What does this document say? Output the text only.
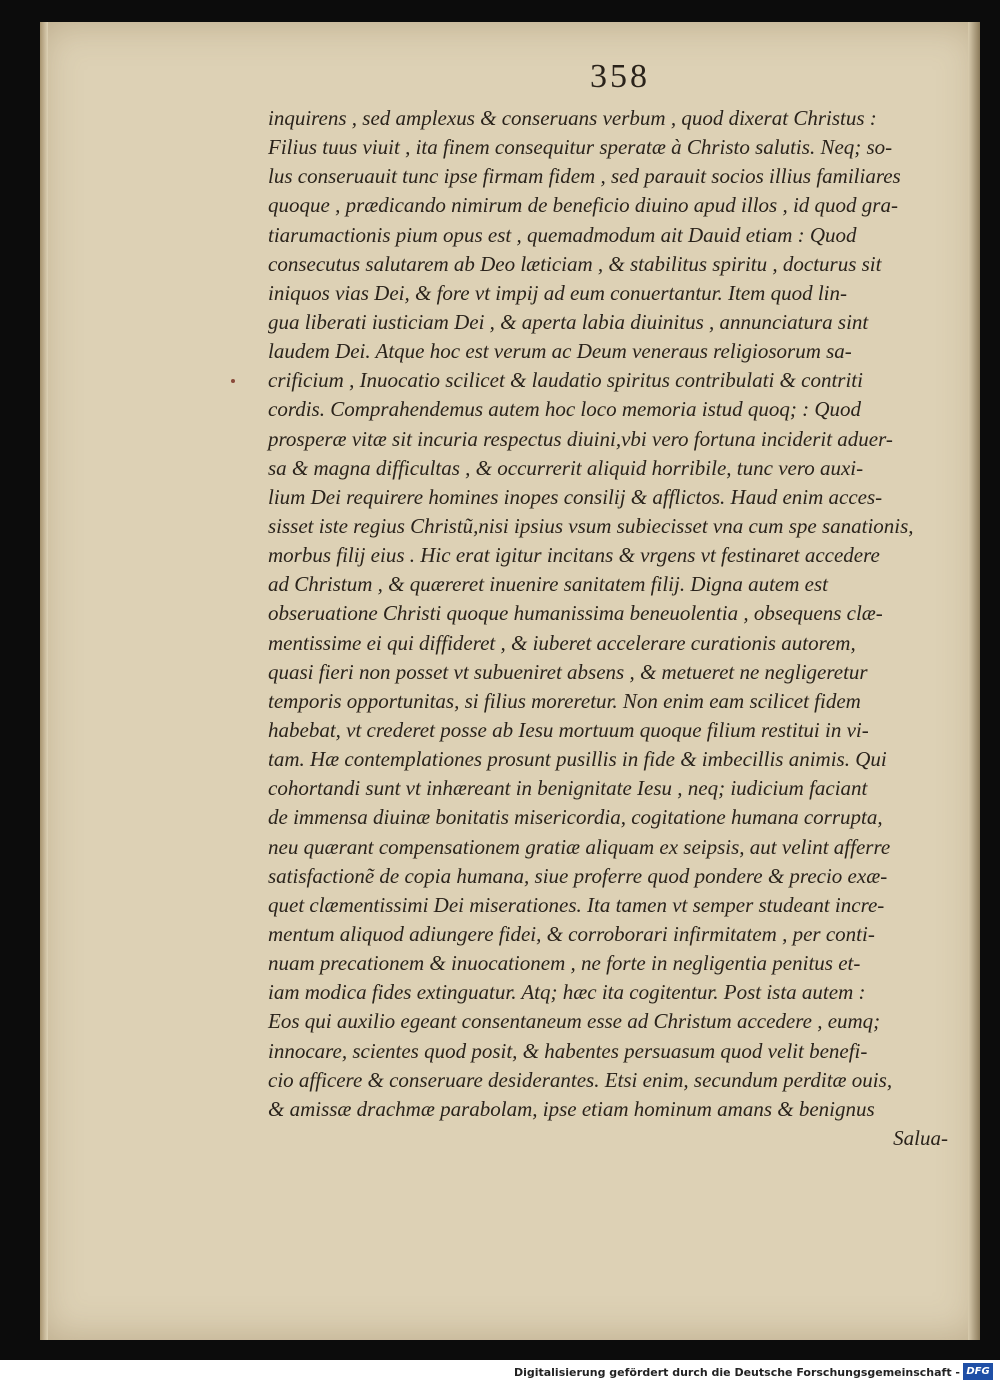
358
inquirens , sed amplexus & conseruans verbum , quod dixerat Christus :
Filius tuus viuit , ita finem consequitur speratæ à Christo salutis. Neq; so-
lus conseruauit tunc ipse firmam fidem , sed parauit socios illius familiares
quoque , prædicando nimirum de beneficio diuino apud illos , id quod gra-
tiarumactionis pium opus est , quemadmodum ait Dauid etiam : Quod
consecutus salutarem ab Deo læticiam , & stabilitus spiritu , docturus sit
iniquos vias Dei, & fore vt impij ad eum conuertantur. Item quod lin-
gua liberati iusticiam Dei , & aperta labia diuinitus , annunciatura sint
laudem Dei. Atque hoc est verum ac Deum veneraus religiosorum sa-
crificium , Inuocatio scilicet & laudatio spiritus contribulati & contriti
cordis. Comprahendemus autem hoc loco memoria istud quoq; : Quod
prosperæ vitæ sit incuria respectus diuini,vbi vero fortuna inciderit aduer-
sa & magna difficultas , & occurrerit aliquid horribile, tunc vero auxi-
lium Dei requirere homines inopes consilij & afflictos. Haud enim acces-
sisset iste regius Christũ,nisi ipsius vsum subiecisset vna cum spe sanationis,
morbus filij eius . Hic erat igitur incitans & vrgens vt festinaret accedere
ad Christum , & quæreret inuenire sanitatem filij. Digna autem est
obseruatione Christi quoque humanissima beneuolentia , obsequens clæ-
mentissime ei qui diffideret , & iuberet accelerare curationis autorem,
quasi fieri non posset vt subueniret absens , & metueret ne negligeretur
temporis opportunitas, si filius moreretur. Non enim eam scilicet fidem
habebat, vt crederet posse ab Iesu mortuum quoque filium restitui in vi-
tam. Hæ contemplationes prosunt pusillis in fide & imbecillis animis. Qui
cohortandi sunt vt inhæreant in benignitate Iesu , neq; iudicium faciant
de immensa diuinæ bonitatis misericordia, cogitatione humana corrupta,
neu quærant compensationem gratiæ aliquam ex seipsis, aut velint afferre
satisfactionẽ de copia humana, siue proferre quod pondere & precio exæ-
quet clæmentissimi Dei miserationes. Ita tamen vt semper studeant incre-
mentum aliquod adiungere fidei, & corroborari infirmitatem , per conti-
nuam precationem & inuocationem , ne forte in negligentia penitus et-
iam modica fides extinguatur. Atq; hæc ita cogitentur. Post ista autem :
Eos qui auxilio egeant consentaneum esse ad Christum accedere , eumq;
innocare, scientes quod posit, & habentes persuasum quod velit benefi-
cio afficere & conseruare desiderantes. Etsi enim, secundum perditæ ouis,
& amissæ drachmæ parabolam, ipse etiam hominum amans & benignus
Salua-
Digitalisierung gefördert durch die Deutsche Forschungsgemeinschaft - DFG
